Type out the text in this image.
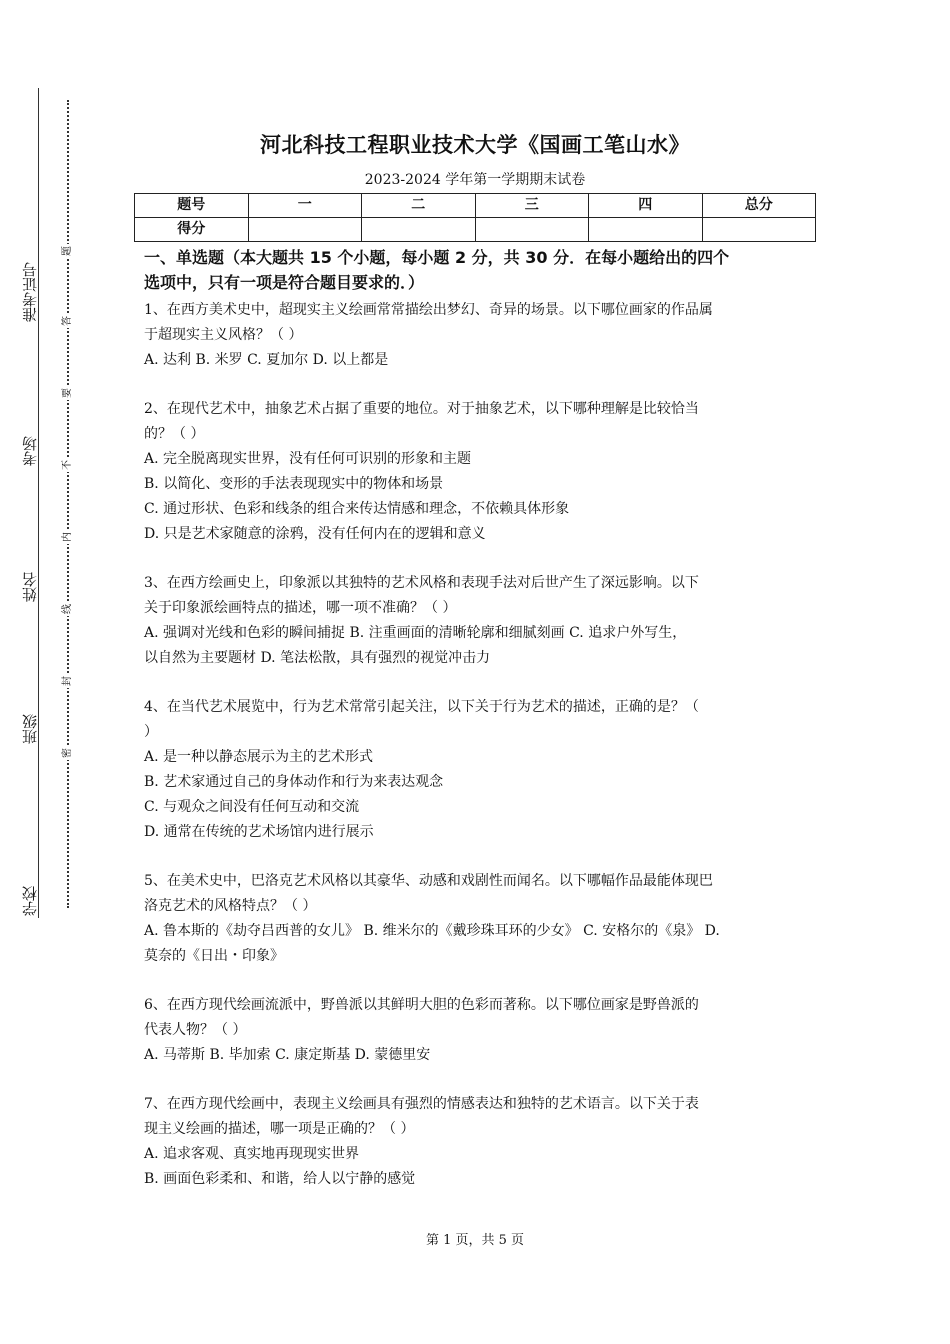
准考证号
考场
姓名
班级
学校
题
答
要
不
内
线
封
密
河北科技工程职业技术大学《国画工笔山水》
2023-2024 学年第一学期期末试卷
题号	一	二	三	四	总分
得分					
一、单选题（本大题共 15 个小题，每小题 2 分，共 30 分．在每小题给出的四个
选项中，只有一项是符合题目要求的．）
1、在西方美术史中，超现实主义绘画常常描绘出梦幻、奇异的场景。以下哪位画家的作品属
于超现实主义风格？（ ）
A. 达利 B. 米罗 C. 夏加尔 D. 以上都是
2、在现代艺术中，抽象艺术占据了重要的地位。对于抽象艺术，以下哪种理解是比较恰当
的？（ ）
A. 完全脱离现实世界，没有任何可识别的形象和主题
B. 以简化、变形的手法表现现实中的物体和场景
C. 通过形状、色彩和线条的组合来传达情感和理念，不依赖具体形象
D. 只是艺术家随意的涂鸦，没有任何内在的逻辑和意义
3、在西方绘画史上，印象派以其独特的艺术风格和表现手法对后世产生了深远影响。以下
关于印象派绘画特点的描述，哪一项不准确？（ ）
A. 强调对光线和色彩的瞬间捕捉 B. 注重画面的清晰轮廓和细腻刻画 C. 追求户外写生，
以自然为主要题材 D. 笔法松散，具有强烈的视觉冲击力
4、在当代艺术展览中，行为艺术常常引起关注，以下关于行为艺术的描述，正确的是？（
）
A. 是一种以静态展示为主的艺术形式
B. 艺术家通过自己的身体动作和行为来表达观念
C. 与观众之间没有任何互动和交流
D. 通常在传统的艺术场馆内进行展示
5、在美术史中，巴洛克艺术风格以其豪华、动感和戏剧性而闻名。以下哪幅作品最能体现巴
洛克艺术的风格特点？（ ）
A. 鲁本斯的《劫夺吕西普的女儿》 B. 维米尔的《戴珍珠耳环的少女》 C. 安格尔的《泉》 D.
莫奈的《日出・印象》
6、在西方现代绘画流派中，野兽派以其鲜明大胆的色彩而著称。以下哪位画家是野兽派的
代表人物？（ ）
A. 马蒂斯 B. 毕加索 C. 康定斯基 D. 蒙德里安
7、在西方现代绘画中，表现主义绘画具有强烈的情感表达和独特的艺术语言。以下关于表
现主义绘画的描述，哪一项是正确的？（ ）
A. 追求客观、真实地再现现实世界
B. 画面色彩柔和、和谐，给人以宁静的感觉
第 1 页，共 5 页
